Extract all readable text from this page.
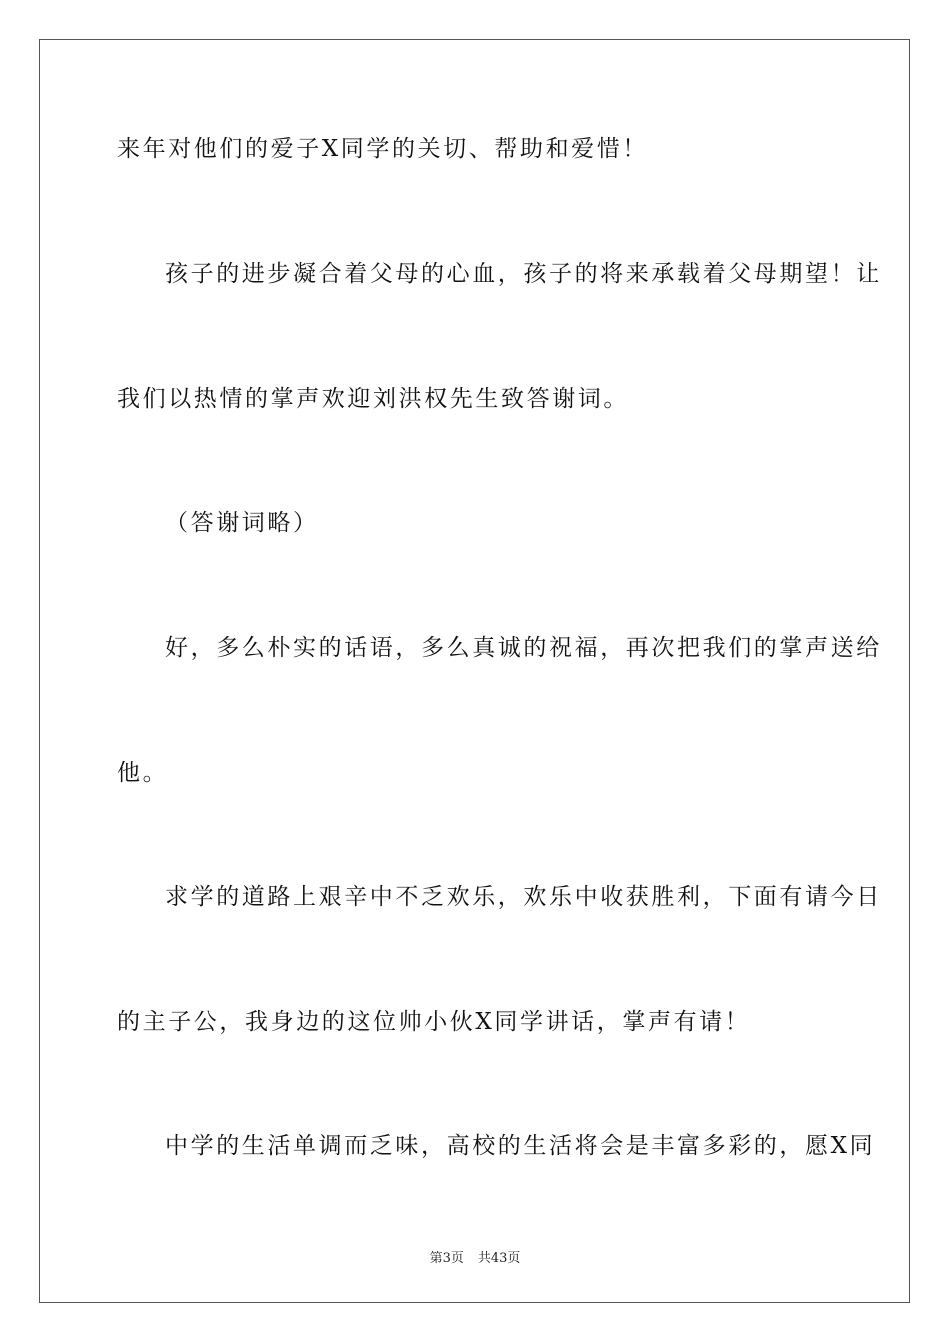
来年对他们的爱子X同学的关切、帮助和爱惜！
孩子的进步凝合着父母的心血，孩子的将来承载着父母期望！让
我们以热情的掌声欢迎刘洪权先生致答谢词。
（答谢词略）
好，多么朴实的话语，多么真诚的祝福，再次把我们的掌声送给
他。
求学的道路上艰辛中不乏欢乐，欢乐中收获胜利，下面有请今日
的主子公，我身边的这位帅小伙X同学讲话，掌声有请！
中学的生活单调而乏味，高校的生活将会是丰富多彩的，愿X同
第3页 共43页
